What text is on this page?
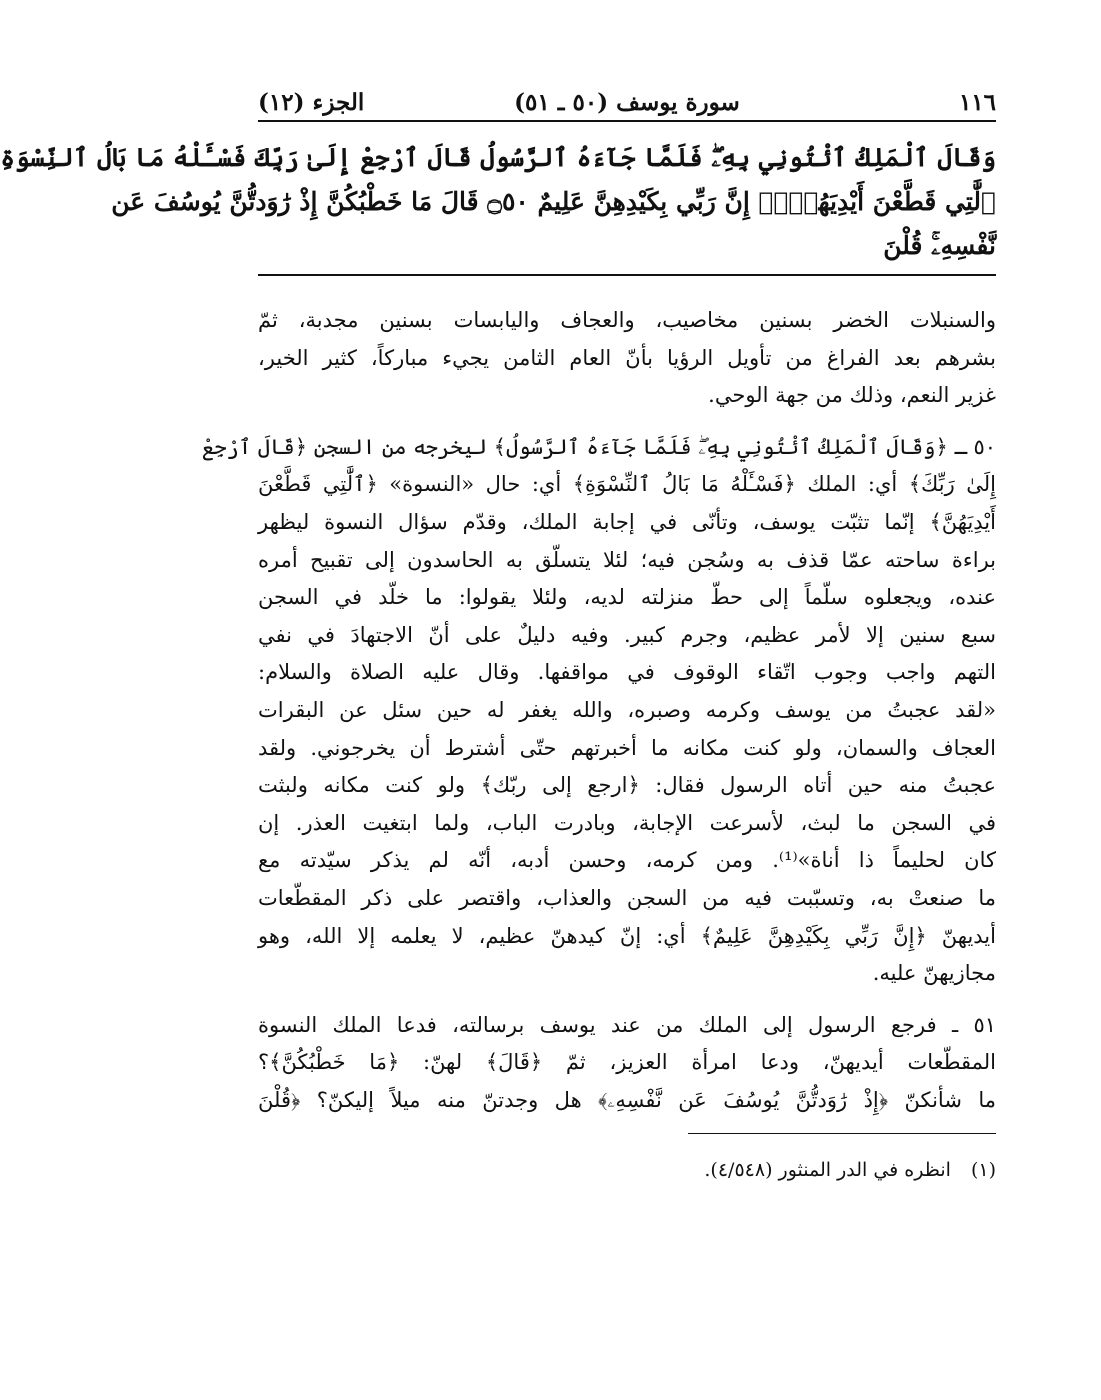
١١٦
سورة يوسف (٥٠ ـ ٥١)
الجزء (١٢)
وَقَالَ ٱلْمَلِكُ ٱئْتُونِي بِهِۦۖ فَلَمَّا جَآءَهُ ٱلرَّسُولُ قَالَ ٱرْجِعْ إِلَىٰ رَبِّكَ فَسْـَٔلْهُ مَا بَالُ ٱلنِّسْوَةِ
ٱلَّٰتِي قَطَّعْنَ أَيْدِيَهُنَّۚ إِنَّ رَبِّي بِكَيْدِهِنَّ عَلِيمٌ ۝٥٠ قَالَ مَا خَطْبُكُنَّ إِذْ رَٰوَدتُّنَّ يُوسُفَ عَن
نَّفْسِهِۦۚ قُلْنَ
والسنبلات الخضر بسنين مخاصيب، والعجاف واليابسات بسنين مجدبة، ثمّ
بشرهم بعد الفراغ من تأويل الرؤيا بأنّ العام الثامن يجيء مباركاً، كثير الخير،
غزير النعم، وذلك من جهة الوحي.
٥٠ ـ ﴿وَقَالَ ٱلْمَلِكُ ٱئْتُونِي بِهِۦۖ فَلَمَّا جَآءَهُ ٱلرَّسُولُ﴾ ليخرجه من السجن ﴿قَالَ ٱرْجِعْ
إِلَىٰ رَبِّكَ﴾ أي: الملك ﴿فَسْـَٔلْهُ مَا بَالُ ٱلنِّسْوَةِ﴾ أي: حال «النسوة» ﴿ٱلَّٰتِي قَطَّعْنَ
أَيْدِيَهُنَّ﴾ إنّما تثبّت يوسف، وتأنّى في إجابة الملك، وقدّم سؤال النسوة ليظهر
براءة ساحته عمّا قذف به وسُجن فيه؛ لئلا يتسلّق به الحاسدون إلى تقبيح أمره
عنده، ويجعلوه سلّماً إلى حطّ منزلته لديه، ولئلا يقولوا: ما خلّد في السجن
سبع سنين إلا لأمر عظيم، وجرم كبير. وفيه دليلٌ على أنّ الاجتهادَ في نفي
التهم واجب وجوب اتّقاء الوقوف في مواقفها. وقال عليه الصلاة والسلام:
«لقد عجبتُ من يوسف وكرمه وصبره، والله يغفر له حين سئل عن البقرات
العجاف والسمان، ولو كنت مكانه ما أخبرتهم حتّى أشترط أن يخرجوني. ولقد
عجبتُ منه حين أتاه الرسول فقال: ﴿ارجع إلى ربّك﴾ ولو كنت مكانه ولبثت
في السجن ما لبث، لأسرعت الإجابة، وبادرت الباب، ولما ابتغيت العذر. إن
كان لحليماً ذا أناة»⁽¹⁾. ومن كرمه، وحسن أدبه، أنّه لم يذكر سيّدته مع
ما صنعتْ به، وتسبّبت فيه من السجن والعذاب، واقتصر على ذكر المقطّعات
أيديهنّ ﴿إِنَّ رَبِّي بِكَيْدِهِنَّ عَلِيمٌ﴾ أي: إنّ كيدهنّ عظيم، لا يعلمه إلا الله، وهو
مجازيهنّ عليه.
٥١ ـ فرجع الرسول إلى الملك من عند يوسف برسالته، فدعا الملك النسوة
المقطّعات أيديهنّ، ودعا امرأة العزيز، ثمّ ﴿قَالَ﴾ لهنّ: ﴿مَا خَطْبُكُنَّ﴾؟
ما شأنكنّ ﴿إِذْ رَٰوَدتُّنَّ يُوسُفَ عَن نَّفْسِهِۦ﴾ هل وجدتنّ منه ميلاً إليكنّ؟ ﴿قُلْنَ
(١) انظره في الدر المنثور (٤/٥٤٨).
